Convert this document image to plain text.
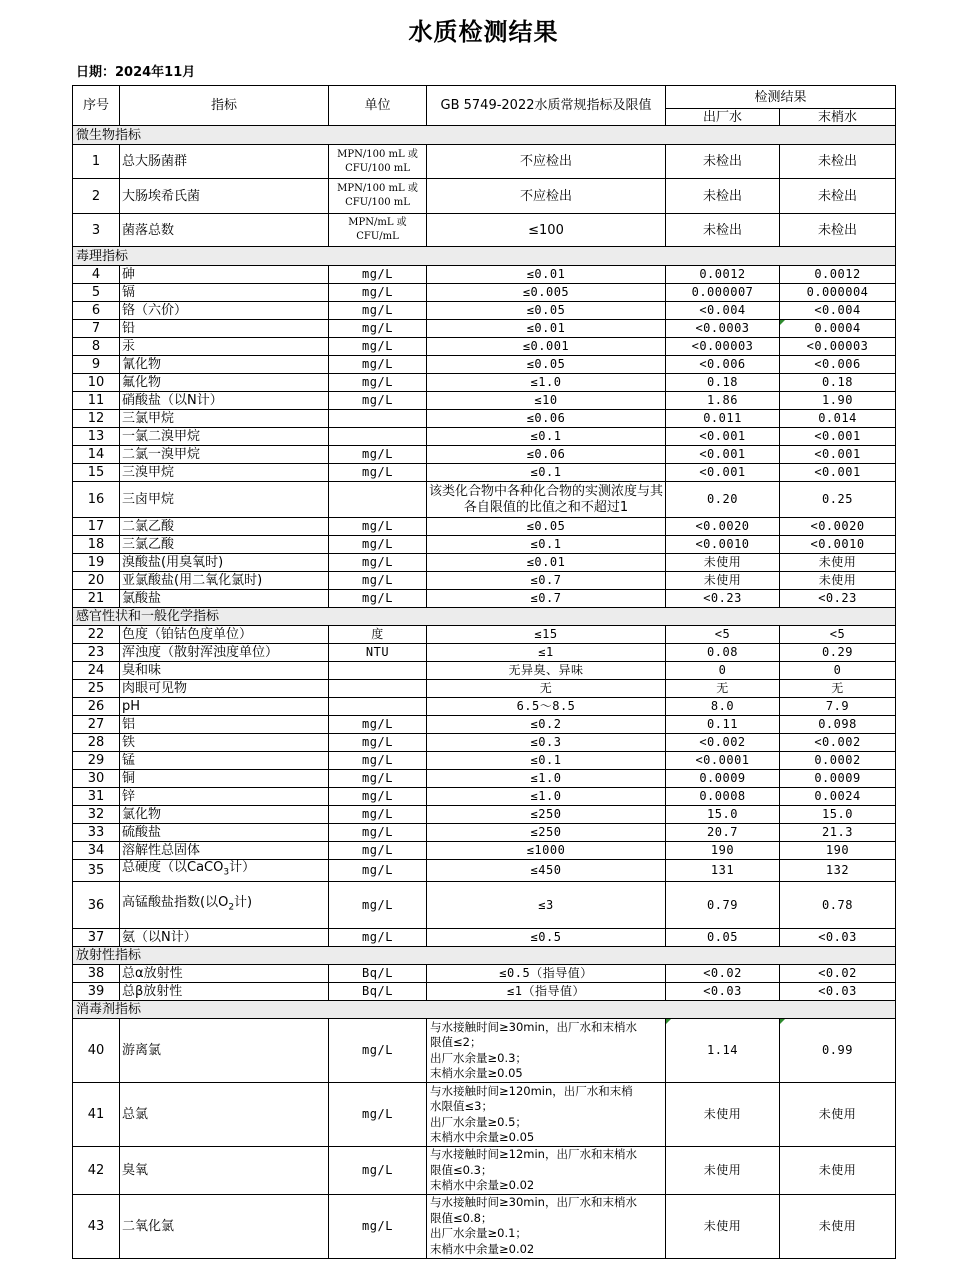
水质检测结果
日期：2024年11月
序号	指标	单位	GB 5749-2022水质常规指标及限值	检测结果	
				出厂水	末梢水
微生物指标					
1	总大肠菌群	MPN/100 mL 或
CFU/100 mL	不应检出	未检出	未检出
2	大肠埃希氏菌	MPN/100 mL 或
CFU/100 mL	不应检出	未检出	未检出
3	菌落总数	MPN/mL 或
CFU/mL	≤100	未检出	未检出
毒理指标					
4	砷	mg/L	≤0.01	0.0012	0.0012
5	镉	mg/L	≤0.005	0.000007	0.000004
6	铬（六价）	mg/L	≤0.05	<0.004	<0.004
7	铅	mg/L	≤0.01	<0.0003	0.0004
8	汞	mg/L	≤0.001	<0.00003	<0.00003
9	氰化物	mg/L	≤0.05	<0.006	<0.006
10	氟化物	mg/L	≤1.0	0.18	0.18
11	硝酸盐（以N计）	mg/L	≤10	1.86	1.90
12	三氯甲烷		≤0.06	0.011	0.014
13	一氯二溴甲烷		≤0.1	<0.001	<0.001
14	二氯一溴甲烷	mg/L	≤0.06	<0.001	<0.001
15	三溴甲烷	mg/L	≤0.1	<0.001	<0.001
16	三卤甲烷		该类化合物中各种化合物的实测浓度与其各自限值的比值之和不超过1	0.20	0.25
17	二氯乙酸	mg/L	≤0.05	<0.0020	<0.0020
18	三氯乙酸	mg/L	≤0.1	<0.0010	<0.0010
19	溴酸盐(用臭氧时)	mg/L	≤0.01	未使用	未使用
20	亚氯酸盐(用二氧化氯时)	mg/L	≤0.7	未使用	未使用
21	氯酸盐	mg/L	≤0.7	<0.23	<0.23
感官性状和一般化学指标					
22	色度（铂钴色度单位）	度	≤15	<5	<5
23	浑浊度（散射浑浊度单位）	NTU	≤1	0.08	0.29
24	臭和味		无异臭、异味	0	0
25	肉眼可见物		无	无	无
26	pH		6.5～8.5	8.0	7.9
27	铝	mg/L	≤0.2	0.11	0.098
28	铁	mg/L	≤0.3	<0.002	<0.002
29	锰	mg/L	≤0.1	<0.0001	0.0002
30	铜	mg/L	≤1.0	0.0009	0.0009
31	锌	mg/L	≤1.0	0.0008	0.0024
32	氯化物	mg/L	≤250	15.0	15.0
33	硫酸盐	mg/L	≤250	20.7	21.3
34	溶解性总固体	mg/L	≤1000	190	190
35	总硬度（以CaCO$_3$计）	mg/L	≤450	131	132
36	高锰酸盐指数(以$O_2$计)	mg/L	≤3	0.79	0.78
37	氨（以N计）	mg/L	≤0.5	0.05	<0.03
放射性指标					
38	总α放射性	Bq/L	≤0.5（指导值）	<0.02	<0.02
39	总β放射性	Bq/L	≤1（指导值）	<0.03	<0.03
消毒剂指标					
40	游离氯	mg/L	与水接触时间≥30min，出厂水和末梢水
限值≤2；
出厂水余量≥0.3；
末梢水余量≥0.05	1.14	0.99
41	总氯	mg/L	与水接触时间≥120min，出厂水和末梢
水限值≤3；
出厂水余量≥0.5；
末梢水中余量≥0.05	未使用	未使用
42	臭氧	mg/L	与水接触时间≥12min，出厂水和末梢水
限值≤0.3；
末梢水中余量≥0.02	未使用	未使用
43	二氧化氯	mg/L	与水接触时间≥30min，出厂水和末梢水
限值≤0.8；
出厂水余量≥0.1；
末梢水中余量≥0.02	未使用	未使用
